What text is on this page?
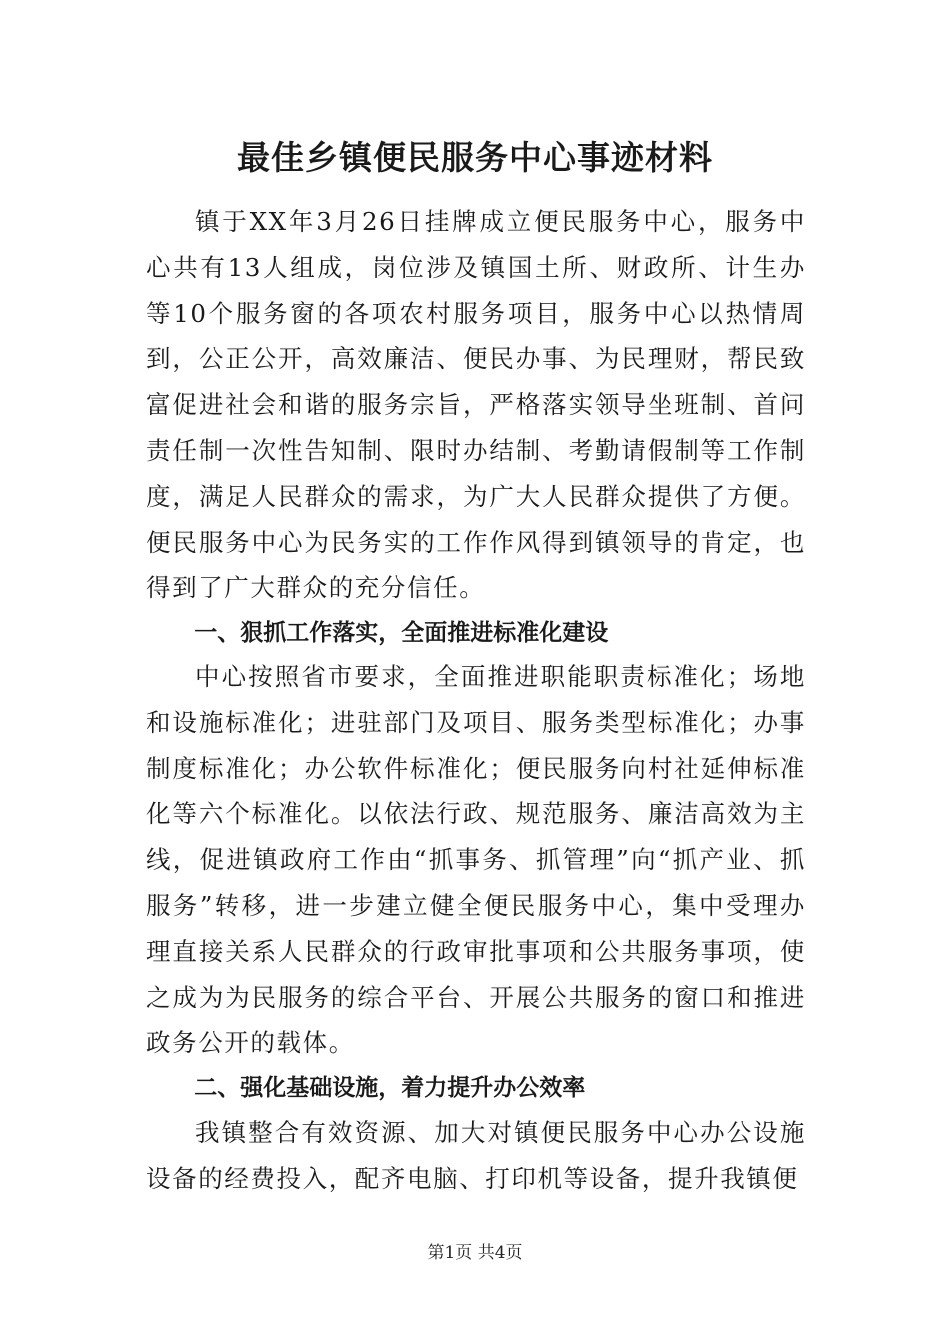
最佳乡镇便民服务中心事迹材料

镇于XX年3月26日挂牌成立便民服务中心，服务中心共有13人组成，岗位涉及镇国土所、财政所、计生办等10个服务窗的各项农村服务项目，服务中心以热情周到，公正公开，高效廉洁、便民办事、为民理财，帮民致富促进社会和谐的服务宗旨，严格落实领导坐班制、首问责任制一次性告知制、限时办结制、考勤请假制等工作制度，满足人民群众的需求，为广大人民群众提供了方便。便民服务中心为民务实的工作作风得到镇领导的肯定，也得到了广大群众的充分信任。

一、狠抓工作落实，全面推进标准化建设

中心按照省市要求，全面推进职能职责标准化；场地和设施标准化；进驻部门及项目、服务类型标准化；办事制度标准化；办公软件标准化；便民服务向村社延伸标准化等六个标准化。以依法行政、规范服务、廉洁高效为主线，促进镇政府工作由“抓事务、抓管理”向“抓产业、抓服务”转移，进一步建立健全便民服务中心，集中受理办理直接关系人民群众的行政审批事项和公共服务事项，使之成为为民服务的综合平台、开展公共服务的窗口和推进政务公开的载体。

二、强化基础设施，着力提升办公效率

我镇整合有效资源、加大对镇便民服务中心办公设施设备的经费投入，配齐电脑、打印机等设备，提升我镇便

第1页 共4页
